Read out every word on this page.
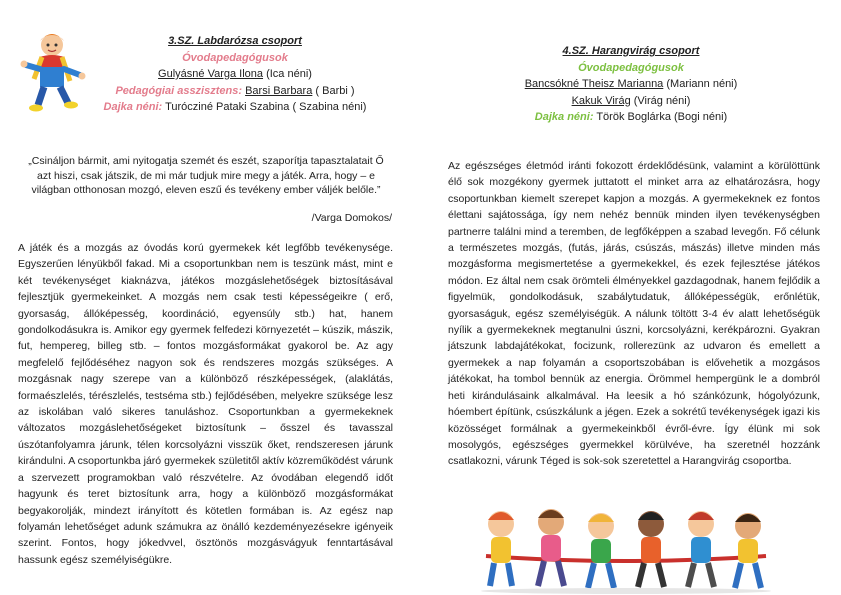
3.SZ. Labdarózsa csoport
Óvodapedagógusok
Gulyásné Varga Ilona (Ica néni)
Pedagógiai asszisztens: Barsi Barbara ( Barbi )
Dajka néni: Turócziné Pataki Szabina ( Szabina néni)
„Csináljon bármit, ami nyitogatja szemét és eszét, szaporítja tapasztalatait Ő azt hiszi, csak játszik, de mi már tudjuk mire megy a játék. Arra, hogy – e világban otthonosan mozgó, eleven eszű és tevékeny ember váljék belőle.”
/Varga Domokos/

A játék és a mozgás az óvodás korú gyermekek két legfőbb tevékenysége. Egyszerűen lényükből fakad. Mi a csoportunkban nem is teszünk mást, mint e két tevékenységet kiaknázva, játékos mozgáslehetőségek biztosításával fejlesztjük gyermekeinket. A mozgás nem csak testi képességeikre ( erő, gyorsaság, állóképesség, koordináció, egyensúly stb.) hat, hanem gondolkodásukra is. Amikor egy gyermek felfedezi környezetét – kúszik, mászik, fut, hempereg, billeg stb. – fontos mozgásformákat gyakorol be. Az agy megfelelő fejlődéséhez nagyon sok és rendszeres mozgás szükséges. A mozgásnak nagy szerepe van a különböző részképességek, (alaklátás, formaészlelés, térészlelés, testséma stb.) fejlődésében, melyekre szüksége lesz az iskolában való sikeres tanuláshoz. Csoportunkban a gyermekeknek változatos mozgáslehetőségeket biztosítunk – ősszel és tavasszal úszótanfolyamra járunk, télen korcsolyázni visszük őket, rendszeresen járunk kirándulni. A csoportunkba járó gyermekek születitől aktív közreműködést várunk a szervezett programokban való részvételre. Az óvodában elegendő időt hagyunk és teret biztosítunk arra, hogy a különböző mozgásformákat begyakorolják, mindezt irányított és kötetlen formában is. Az egész nap folyamán lehetőséget adunk számukra az önálló kezdeményezésekre igényeik szerint. Fontos, hogy jókedvvel, ösztönös mozgásvágyuk fenntartásával hassunk egész személyiségükre.

4.SZ. Harangvirág csoport
Óvodapedagógusok
Bancsókné Theisz Marianna (Mariann néni)
Kakuk Virág (Virág néni)
Dajka néni: Török Boglárka (Bogi néni)

Az egészséges életmód iránti fokozott érdeklődésünk, valamint a körülöttünk élő sok mozgékony gyermek juttatott el minket arra az elhatározásra, hogy csoportunkban kiemelt szerepet kapjon a mozgás. A gyermekeknek ez fontos élettani sajátossága, így nem nehéz bennük minden ilyen tevékenységben partnerre találni mind a teremben, de legfőképpen a szabad levegőn. Fő célunk a természetes mozgás, (futás, járás, csúszás, mászás) illetve minden más mozgásforma megismertetése a gyermekekkel, és ezek fejlesztése játékos módon. Ez által nem csak örömteli élményekkel gazdagodnak, hanem fejlődik a figyelmük, gondolkodásuk, szabálytudatuk, állóképességük, erőnlétük, gyorsaságuk, egész személyiségük. A nálunk töltött 3-4 év alatt lehetőségük nyílik a gyermekeknek megtanulni úszni, korcsolyázni, kerékpározni. Gyakran játszunk labdajátékokat, focizunk, rollerezünk az udvaron és emellett a gyermekek a nap folyamán a csoportszobában is elővehetik a mozgásos játékokat, ha tombol bennük az energia. Örömmel hempergünk le a dombról heti kirándulásaink alkalmával. Ha leesik a hó szánkózunk, hógolyózunk, hóembert építünk, csúszkálunk a jégen. Ezek a sokrétű tevékenységek igazi kis közösséget formálnak a gyermekeinkből évről-évre. Így élünk mi sok mosolygós, egészséges gyermekkel körülvéve, ha szeretnél hozzánk csatlakozni, várunk Téged is sok-sok szeretettel a Harangvirág csoportba.
